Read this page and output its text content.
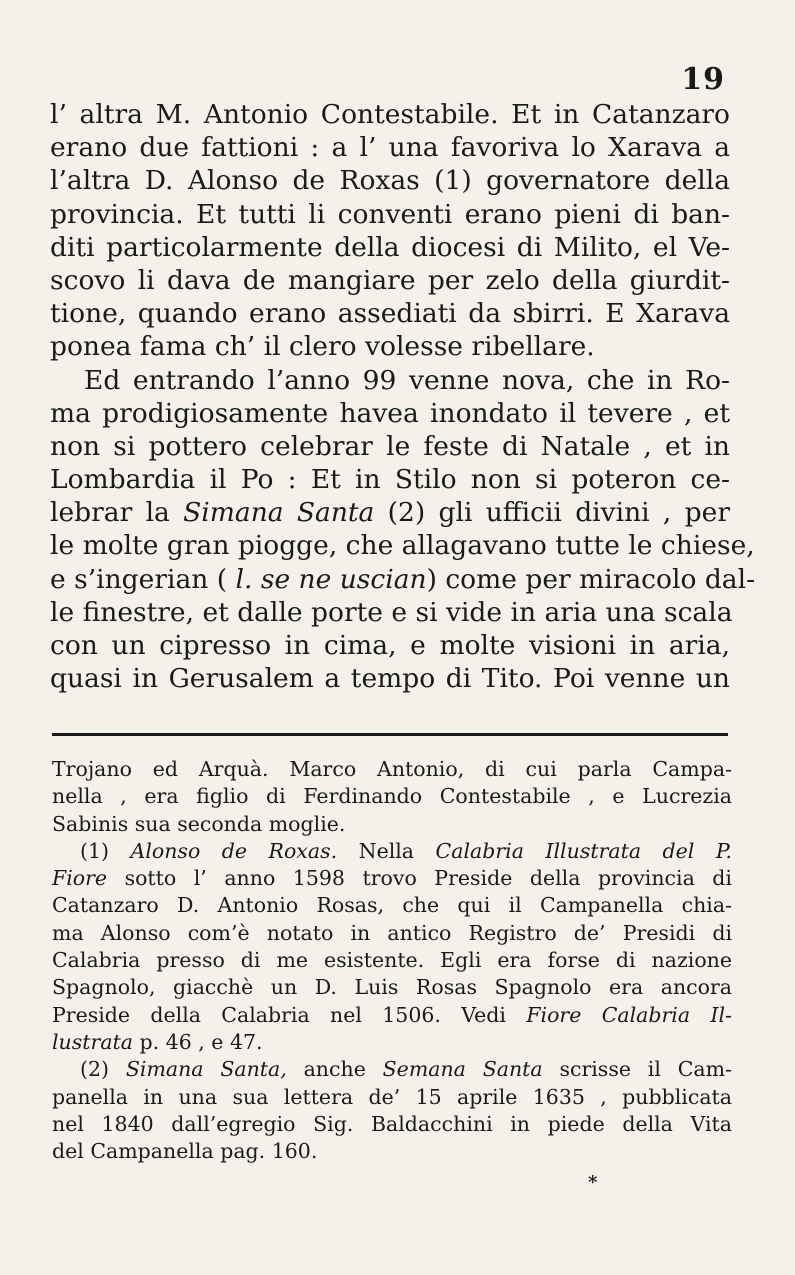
19
l’ altra M. Antonio Contestabile. Et in Catanzaro
erano due fattioni : a l’ una favoriva lo Xarava a
l’altra D. Alonso de Roxas (1) governatore della
provincia. Et tutti li conventi erano pieni di ban-
diti particolarmente della diocesi di Milito, el Ve-
scovo li dava de mangiare per zelo della giurdit-
tione, quando erano assediati da sbirri. E Xarava
ponea fama ch’ il clero volesse ribellare.
Ed entrando l’anno 99 venne nova, che in Ro-
ma prodigiosamente havea inondato il tevere , et
non si pottero celebrar le feste di Natale , et in
Lombardia il Po : Et in Stilo non si poteron ce-
lebrar la Simana Santa (2) gli ufficii divini , per
le molte gran piogge, che allagavano tutte le chiese,
e s’ingerian ( l. se ne uscian) come per miracolo dal-
le finestre, et dalle porte e si vide in aria una scala
con un cipresso in cima, e molte visioni in aria,
quasi in Gerusalem a tempo di Tito. Poi venne un
Trojano ed Arquà. Marco Antonio, di cui parla Campa-
nella , era figlio di Ferdinando Contestabile , e Lucrezia
Sabinis sua seconda moglie.
(1) Alonso de Roxas. Nella Calabria Illustrata del P.
Fiore sotto l’ anno 1598 trovo Preside della provincia di
Catanzaro D. Antonio Rosas, che qui il Campanella chia-
ma Alonso com’è notato in antico Registro de’ Presidi di
Calabria presso di me esistente. Egli era forse di nazione
Spagnolo, giacchè un D. Luis Rosas Spagnolo era ancora
Preside della Calabria nel 1506. Vedi Fiore Calabria Il-
lustrata p. 46 , e 47.
(2) Simana Santa, anche Semana Santa scrisse il Cam-
panella in una sua lettera de’ 15 aprile 1635 , pubblicata
nel 1840 dall’egregio Sig. Baldacchini in piede della Vita
del Campanella pag. 160.
*
